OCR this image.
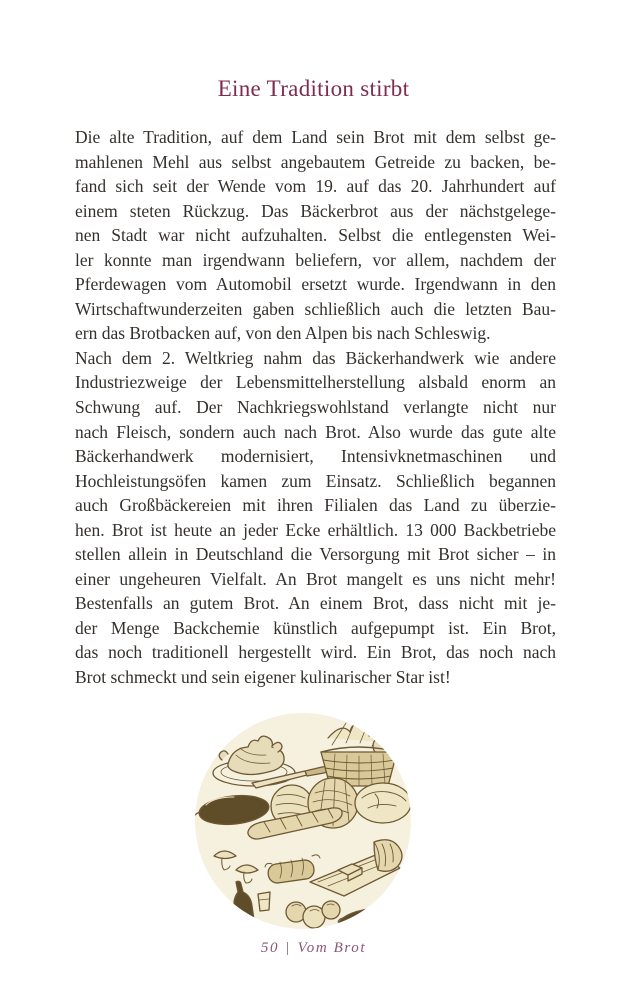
Eine Tradition stirbt
Die alte Tradition, auf dem Land sein Brot mit dem selbst ge-
mahlenen Mehl aus selbst angebautem Getreide zu backen, be-
fand sich seit der Wende vom 19. auf das 20. Jahrhundert auf
einem steten Rückzug. Das Bäckerbrot aus der nächstgelege-
nen Stadt war nicht aufzuhalten. Selbst die entlegensten Wei-
ler konnte man irgendwann beliefern, vor allem, nachdem der
Pferdewagen vom Automobil ersetzt wurde. Irgendwann in den
Wirtschaftwunderzeiten gaben schließlich auch die letzten Bau-
ern das Brotbacken auf, von den Alpen bis nach Schleswig.
Nach dem 2. Weltkrieg nahm das Bäckerhandwerk wie andere
Industriezweige der Lebensmittelherstellung alsbald enorm an
Schwung auf. Der Nachkriegswohlstand verlangte nicht nur
nach Fleisch, sondern auch nach Brot. Also wurde das gute alte
Bäckerhandwerk modernisiert, Intensivknetmaschinen und
Hochleistungsöfen kamen zum Einsatz. Schließlich begannen
auch Großbäckereien mit ihren Filialen das Land zu überzie-
hen. Brot ist heute an jeder Ecke erhältlich. 13 000 Backbetriebe
stellen allein in Deutschland die Versorgung mit Brot sicher – in
einer ungeheuren Vielfalt. An Brot mangelt es uns nicht mehr!
Bestenfalls an gutem Brot. An einem Brot, dass nicht mit je-
der Menge Backchemie künstlich aufgepumpt ist. Ein Brot,
das noch traditionell hergestellt wird. Ein Brot, das noch nach
Brot schmeckt und sein eigener kulinarischer Star ist!
50 | Vom Brot
